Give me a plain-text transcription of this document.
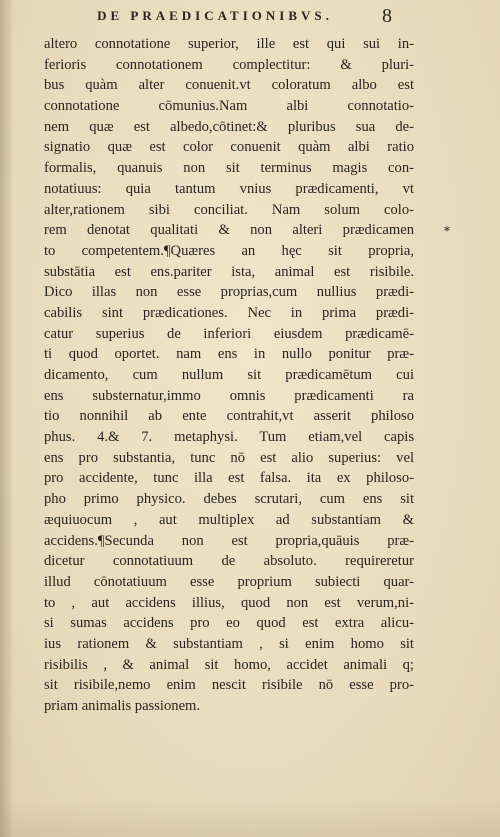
DE PRAEDICATIONIBVS.	8
*
altero connotatione superior, ille est qui sui in-
ferioris connotationem complectitur: & pluri-
bus quàm alter conuenit.vt coloratum albo est
connotatione cōmunius.Nam albi connotatio-
nem quæ est albedo,cōtinet:& pluribus sua de-
signatio quæ est color conuenit quàm albi ratio
formalis, quanuis non sit terminus magis con-
notatiuus: quia tantum vnius prædicamenti, vt
alter,rationem sibi conciliat. Nam solum colo-
rem denotat qualitati & non alteri prædicamen
to competentem.¶Quæres an hęc sit propria,
substātia est ens.pariter ista, animal est risibile.
Dico illas non esse proprias,cum nullius prædi-
cabilis sint prædicationes. Nec in prima prædi-
catur superius de inferiori eiusdem prædicamē-
ti quod oportet. nam ens in nullo ponitur præ-
dicamento, cum nullum sit prædicamētum cui
ens substernatur,immo omnis prædicamenti ra
tio nonnihil ab ente contrahit,vt asserit philoso
phus. 4.& 7. metaphysi. Tum etiam,vel capis
ens pro substantia, tunc nō est alio superius: vel
pro accidente, tunc illa est falsa. ita ex philoso-
pho primo physico. debes scrutari, cum ens sit
æquiuocum , aut multiplex ad substantiam &
accidens.¶Secunda non est propria,quāuis præ-
dicetur connotatiuum de absoluto. requireretur
illud cōnotatiuum esse proprium subiecti quar-
to , aut accidens illius, quod non est verum,ni-
si sumas accidens pro eo quod est extra alicu-
ius rationem & substantiam , si enim homo sit
risibilis , & animal sit homo, accidet animali q;
sit risibile,nemo enim nescit risibile nō esse pro-
priam animalis passionem.
